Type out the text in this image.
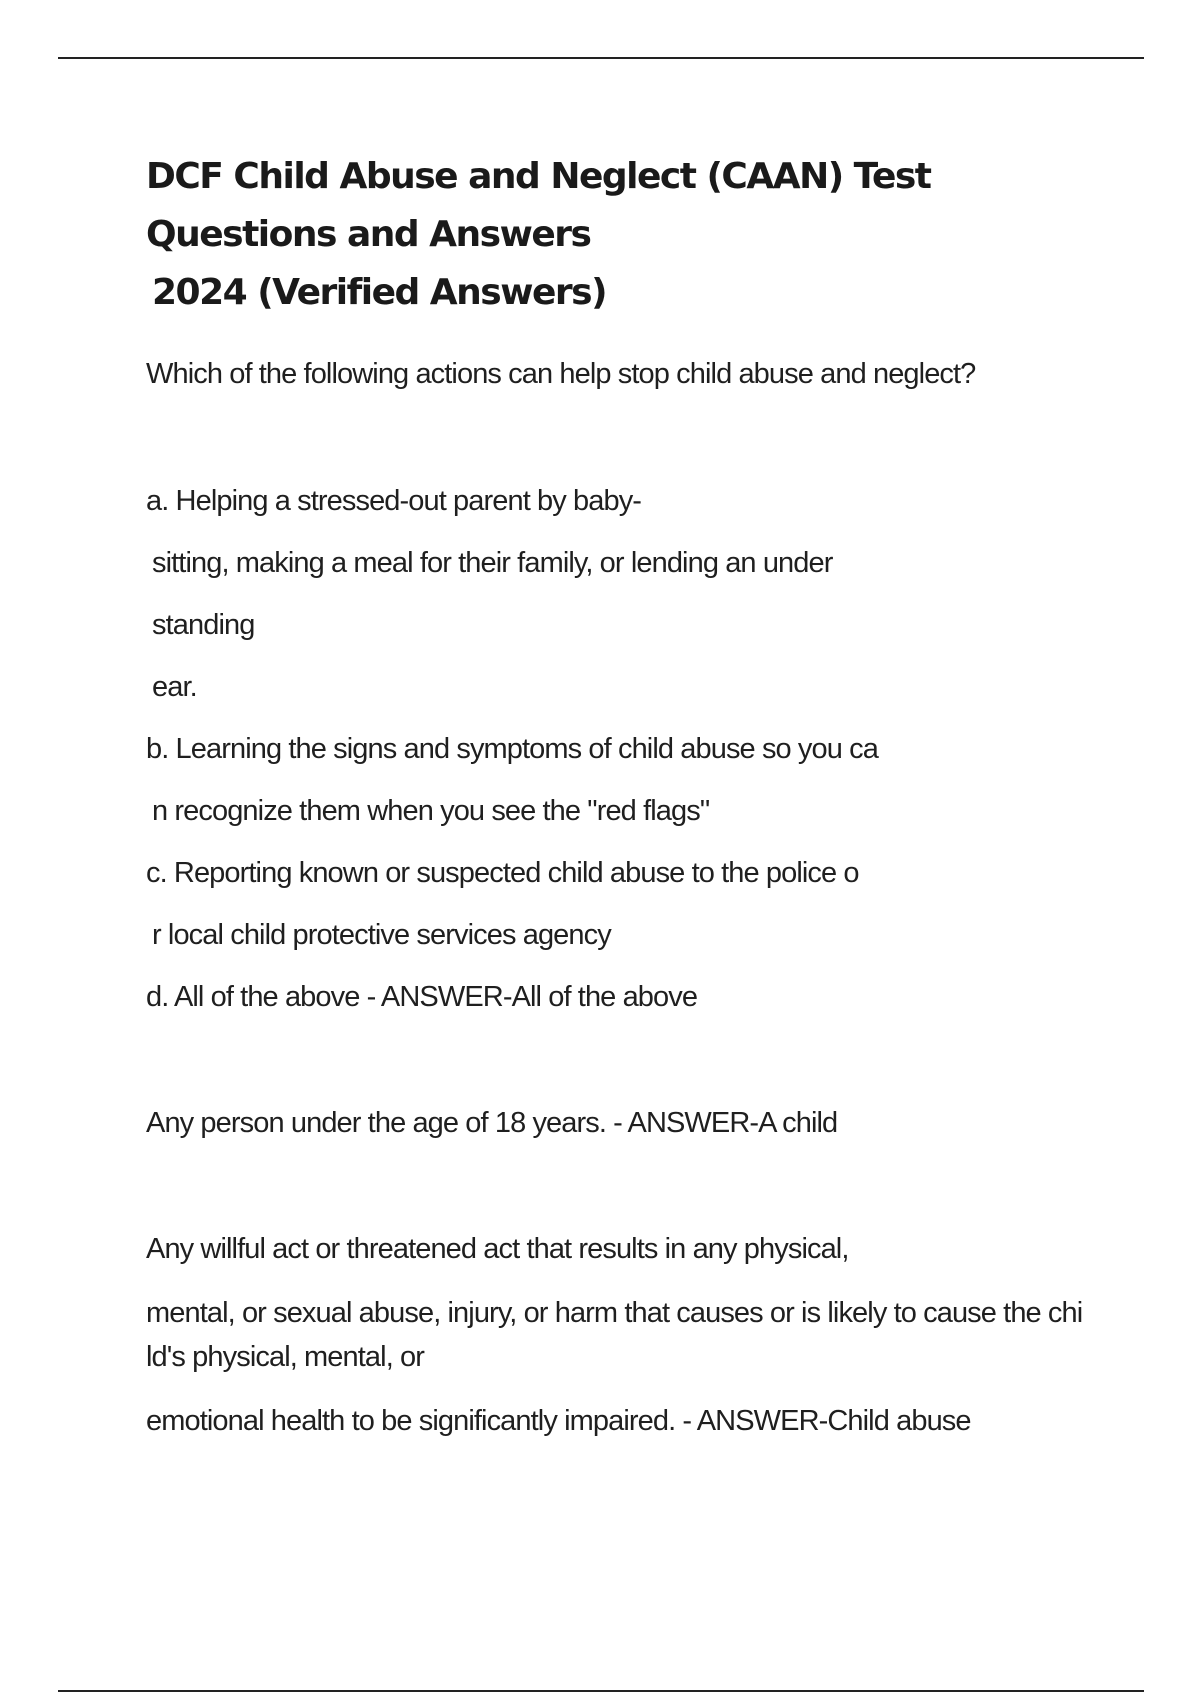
DCF Child Abuse and Neglect (CAAN) Test Questions and Answers
2024 (Verified Answers)

Which of the following actions can help stop child abuse and neglect?

a. Helping a stressed-out parent by baby-

sitting, making a meal for their family, or lending an under

standing

ear.

b. Learning the signs and symptoms of child abuse so you ca

n recognize them when you see the "red flags"

c. Reporting known or suspected child abuse to the police o

r local child protective services agency

d. All of the above - ANSWER-All of the above

Any person under the age of 18 years. - ANSWER-A child

Any willful act or threatened act that results in any physical,

mental, or sexual abuse, injury, or harm that causes or is likely to cause the chi

ld's physical, mental, or

emotional health to be significantly impaired. - ANSWER-Child abuse
